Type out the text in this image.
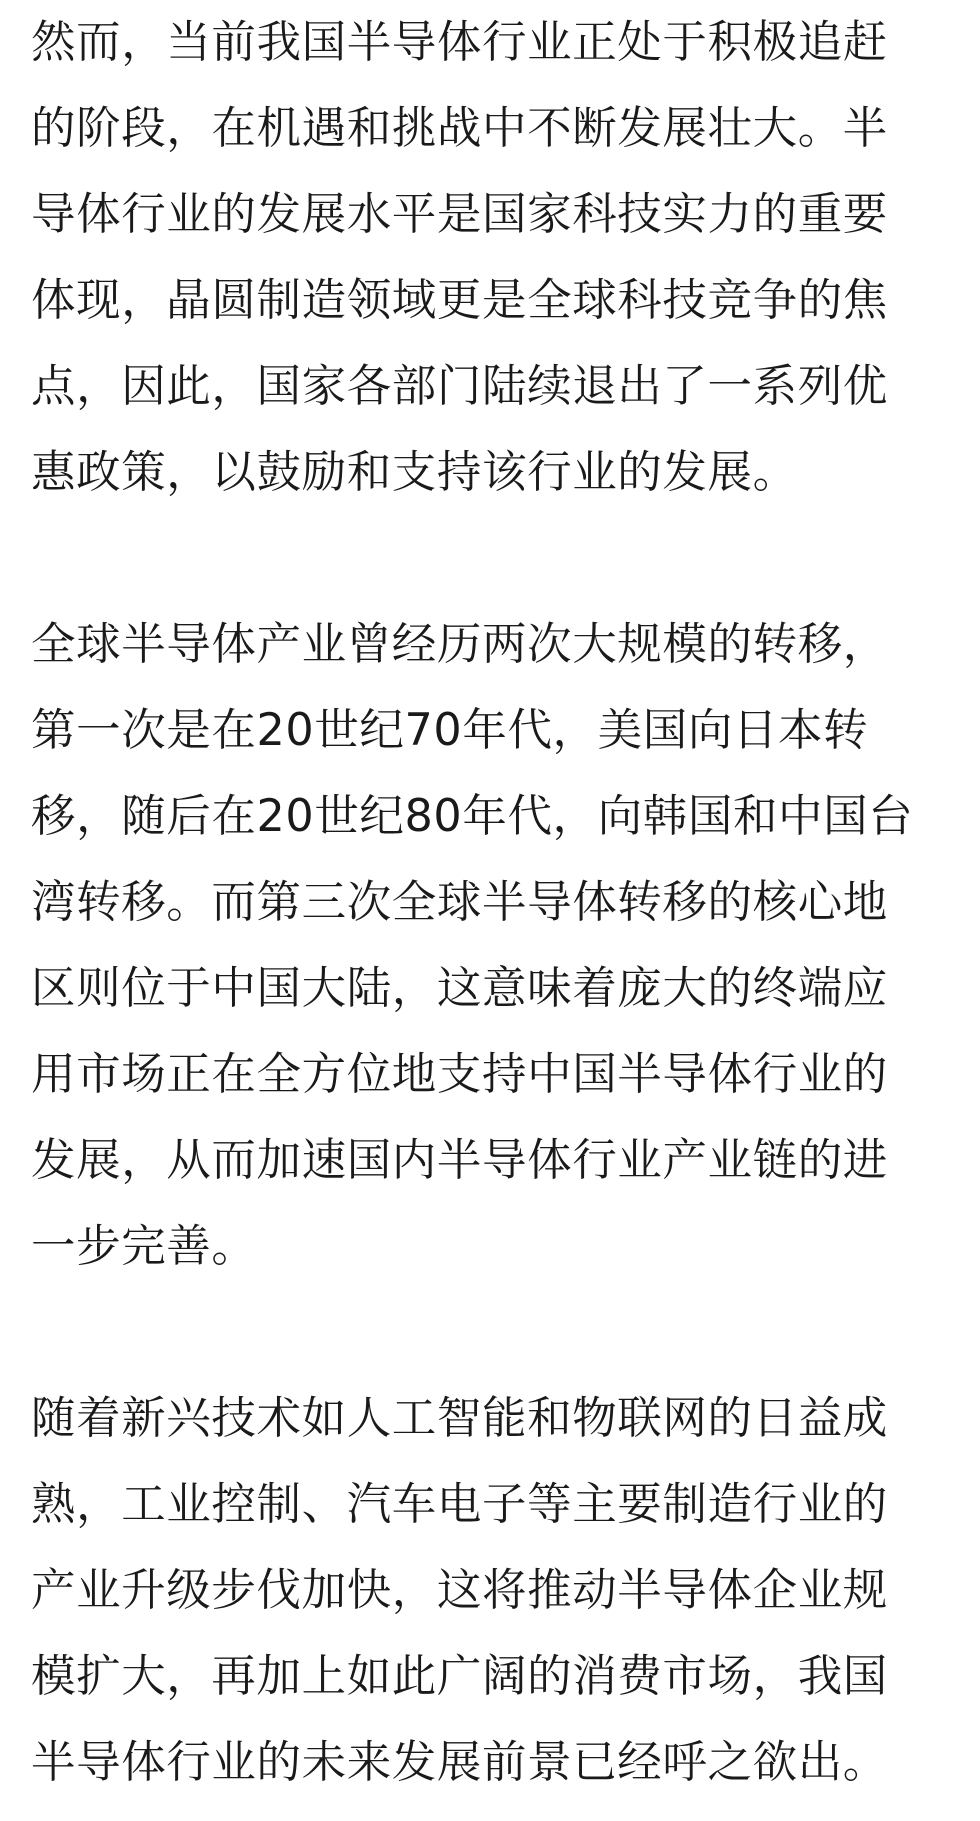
然而，当前我国半导体行业正处于积极追赶
的阶段，在机遇和挑战中不断发展壮大。半
导体行业的发展水平是国家科技实力的重要
体现，晶圆制造领域更是全球科技竞争的焦
点，因此，国家各部门陆续退出了一系列优
惠政策，以鼓励和支持该行业的发展。
全球半导体产业曾经历两次大规模的转移，
第一次是在20世纪70年代，美国向日本转
移，随后在20世纪80年代，向韩国和中国台
湾转移。而第三次全球半导体转移的核心地
区则位于中国大陆，这意味着庞大的终端应
用市场正在全方位地支持中国半导体行业的
发展，从而加速国内半导体行业产业链的进
一步完善。
随着新兴技术如人工智能和物联网的日益成
熟，工业控制、汽车电子等主要制造行业的
产业升级步伐加快，这将推动半导体企业规
模扩大，再加上如此广阔的消费市场，我国
半导体行业的未来发展前景已经呼之欲出。
